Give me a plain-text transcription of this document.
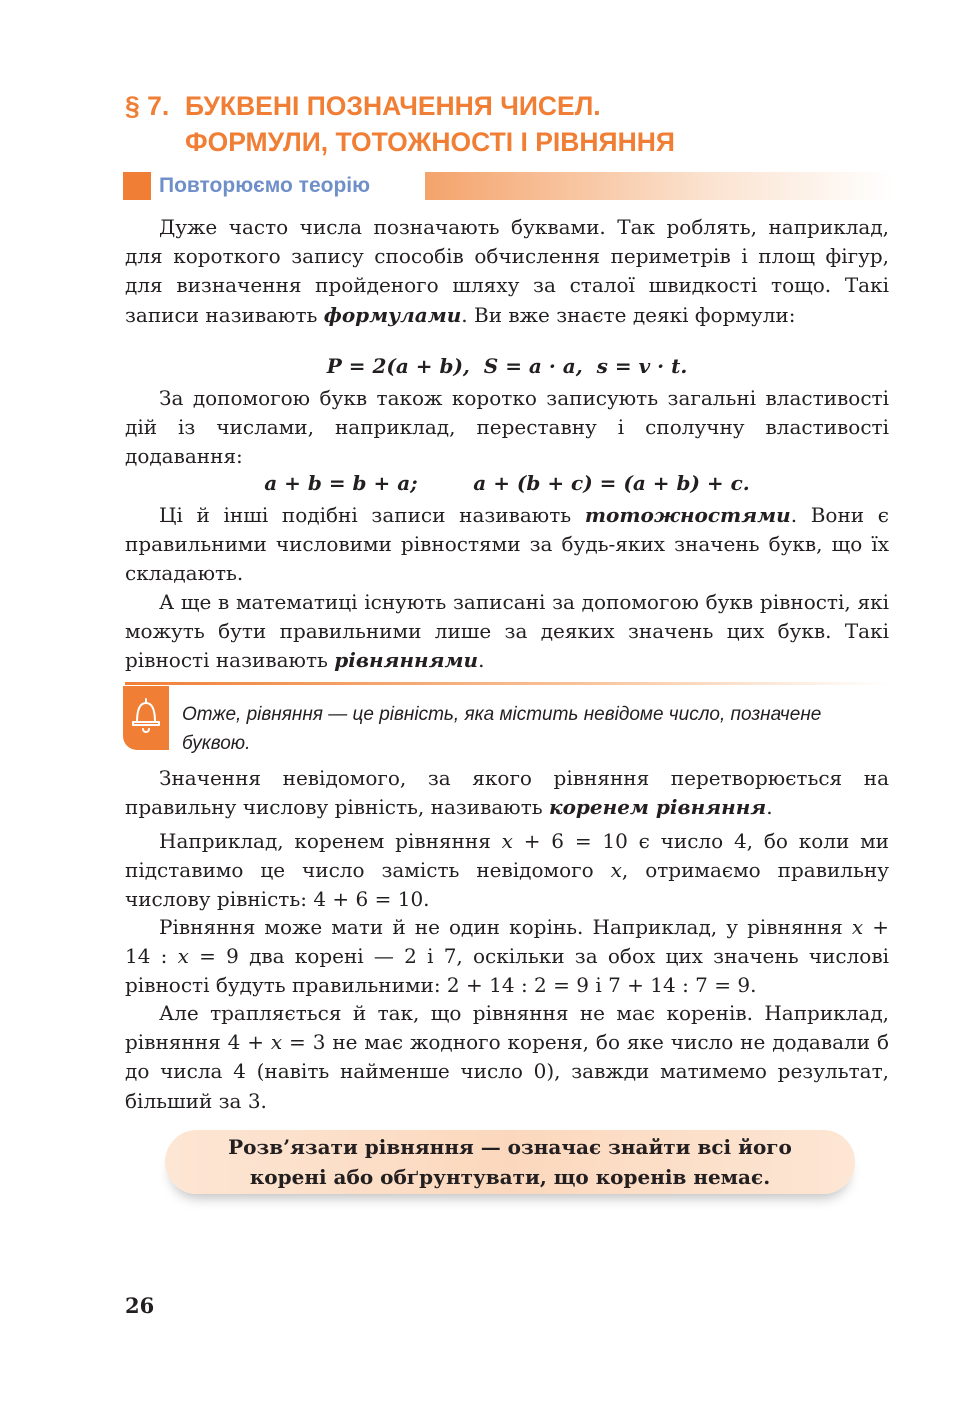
§ 7. БУКВЕНІ ПОЗНАЧЕННЯ ЧИСЕЛ.
ФОРМУЛИ, ТОТОЖНОСТІ І РІВНЯННЯ
Повторюємо теорію

Дуже часто числа позначають буквами. Так роблять, наприклад, для короткого запису способів обчислення периметрів і площ фігур, для визначення пройденого шляху за сталої швидкості тощо. Такі записи називають формулами. Ви вже знаєте деякі формули:

P = 2(a + b),  S = a · a,  s = v · t.

За допомогою букв також коротко записують загальні властивості дій із числами, наприклад, переставну і сполучну властивості додавання:

a + b = b + a;        a + (b + c) = (a + b) + c.

Ці й інші подібні записи називають тотожностями. Вони є правильними числовими рівностями за будь-яких значень букв, що їх складають.

А ще в математиці існують записані за допомогою букв рівності, які можуть бути правильними лише за деяких значень цих букв. Такі рівності називають рівняннями.

Отже, рівняння — це рівність, яка містить невідоме число, позначене буквою.

Значення невідомого, за якого рівняння перетворюється на правильну числову рівність, називають коренем рівняння.

Наприклад, коренем рівняння x + 6 = 10 є число 4, бо коли ми підставимо це число замість невідомого x, отримаємо правильну числову рівність: 4 + 6 = 10.

Рівняння може мати й не один корінь. Наприклад, у рівняння x + 14 : x = 9 два корені — 2 і 7, оскільки за обох цих значень числові рівності будуть правильними: 2 + 14 : 2 = 9 і 7 + 14 : 7 = 9.

Але трапляється й так, що рівняння не має коренів. Наприклад, рівняння 4 + x = 3 не має жодного кореня, бо яке число не додавали б до числа 4 (навіть найменше число 0), завжди матимемо результат, більший за 3.

Розв’язати рівняння — означає знайти всі його
корені або обґрунтувати, що коренів немає.

26
